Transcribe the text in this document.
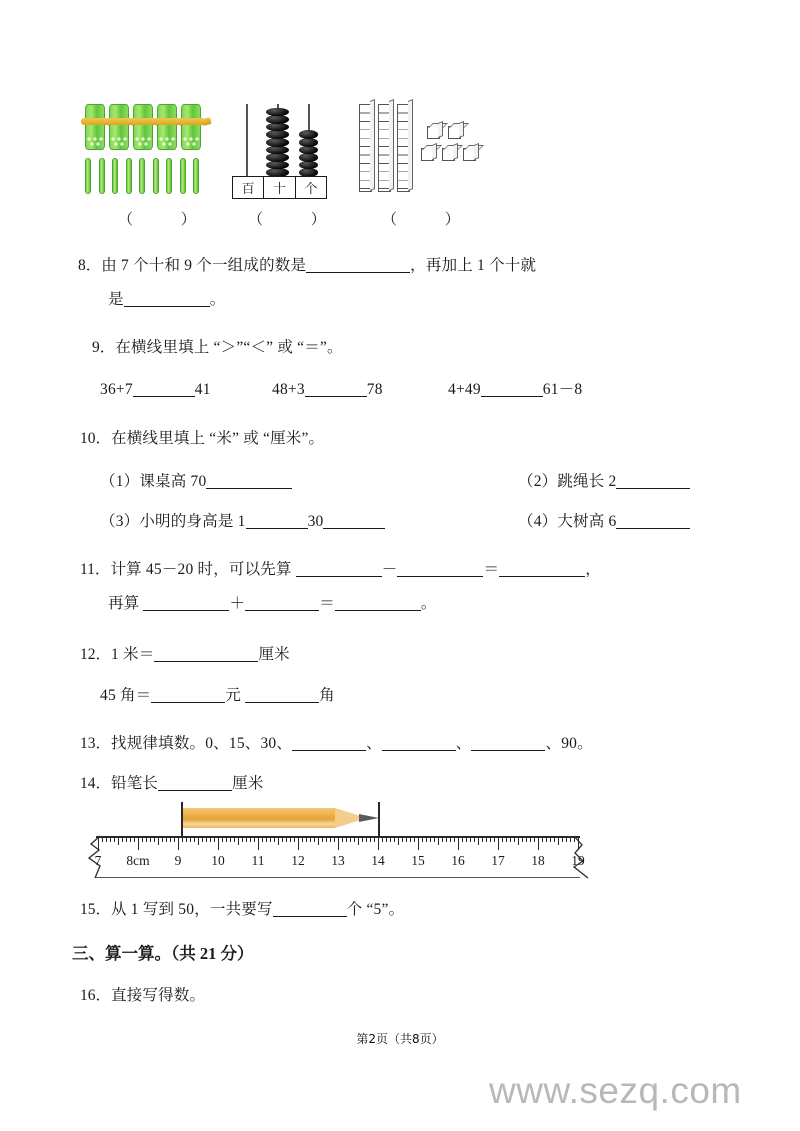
（ ）
百	十	个
（ ） （ ）
8．由 7 个十和 9 个一组成的数是	，再加上 1 个十就
是	。
9．在横线里填上 “＞”“＜” 或 “＝”。
36+7	41	48+3	78	4+49	61－8
10．在横线里填上 “米” 或 “厘米”。
（1）课桌高 70	（2）跳绳长 2
（3）小明的身高是 1	30	（4）大树高 6
11．计算 45－20 时，可以先算	－	＝	，
再算	＋	＝	。
12．1 米＝	厘米
45 角＝	元	角
13．找规律填数。0、15、30、	、	、	、90。
14．铅笔长	厘米
7 8cm 9 10 11 12 13 14 15 16 17 18 19
15．从 1 写到 50，一共要写	个 “5”。
三、算一算。（共 21 分）
16．直接写得数。
第2页（共8页）
www.sezq.com
